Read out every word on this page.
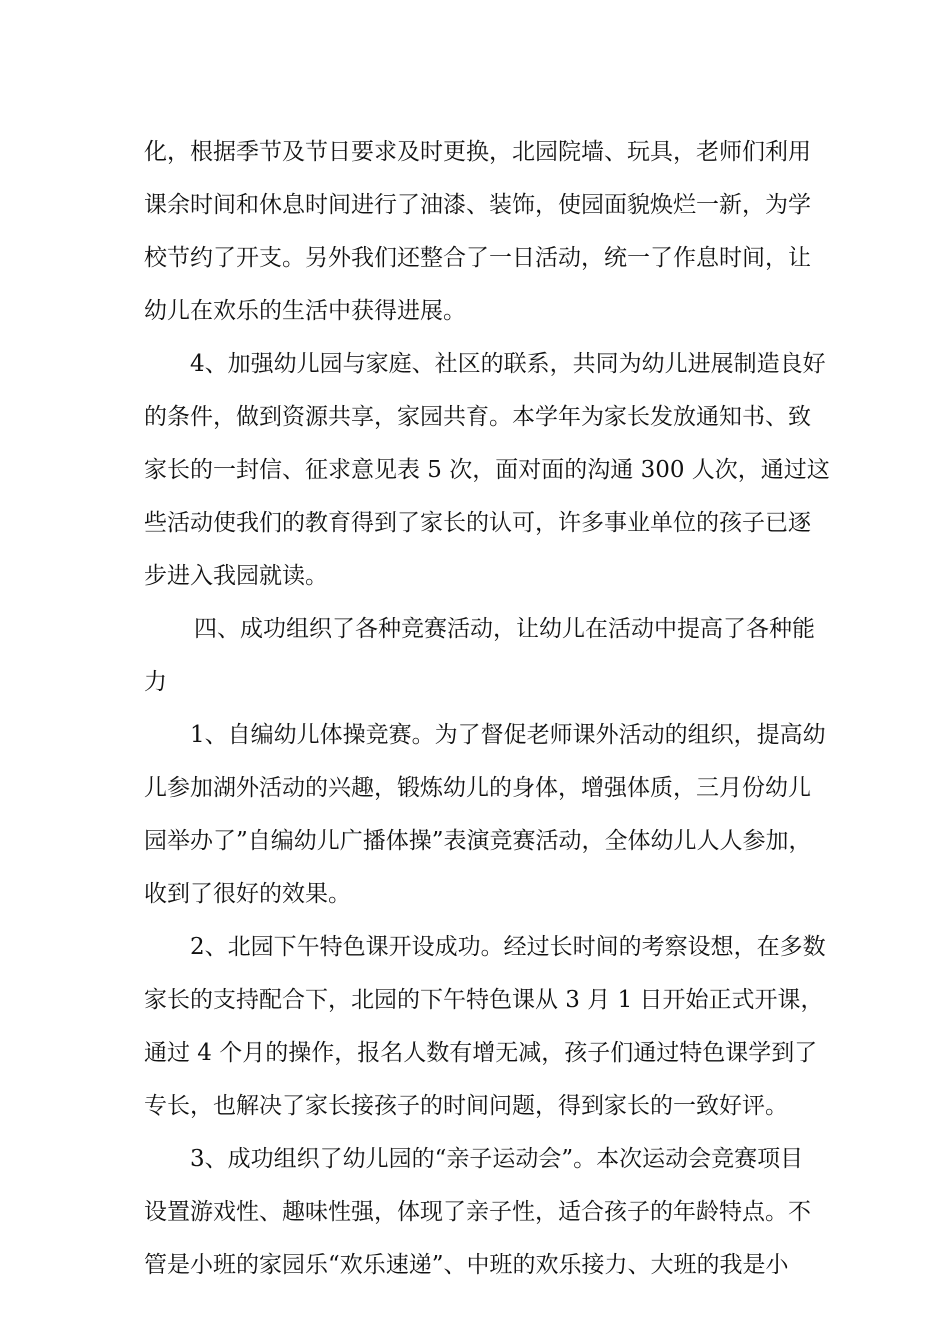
化，根据季节及节日要求及时更换，北园院墙、玩具，老师们利用
课余时间和休息时间进行了油漆、装饰，使园面貌焕烂一新，为学
校节约了开支。另外我们还整合了一日活动，统一了作息时间，让
幼儿在欢乐的生活中获得进展。
4、加强幼儿园与家庭、社区的联系，共同为幼儿进展制造良好
的条件，做到资源共享，家园共育。本学年为家长发放通知书、致
家长的一封信、征求意见表 5 次，面对面的沟通 300 人次，通过这
些活动使我们的教育得到了家长的认可，许多事业单位的孩子已逐
步进入我园就读。
四、成功组织了各种竞赛活动，让幼儿在活动中提高了各种能
力
1、自编幼儿体操竞赛。为了督促老师课外活动的组织，提高幼
儿参加湖外活动的兴趣，锻炼幼儿的身体，增强体质，三月份幼儿
园举办了”自编幼儿广播体操”表演竞赛活动，全体幼儿人人参加，
收到了很好的效果。
2、北园下午特色课开设成功。经过长时间的考察设想，在多数
家长的支持配合下，北园的下午特色课从 3 月 1 日开始正式开课，
通过 4 个月的操作，报名人数有增无减，孩子们通过特色课学到了
专长，也解决了家长接孩子的时间问题，得到家长的一致好评。
3、成功组织了幼儿园的“亲子运动会”。本次运动会竞赛项目
设置游戏性、趣味性强，体现了亲子性，适合孩子的年龄特点。不
管是小班的家园乐“欢乐速递”、中班的欢乐接力、大班的我是小
